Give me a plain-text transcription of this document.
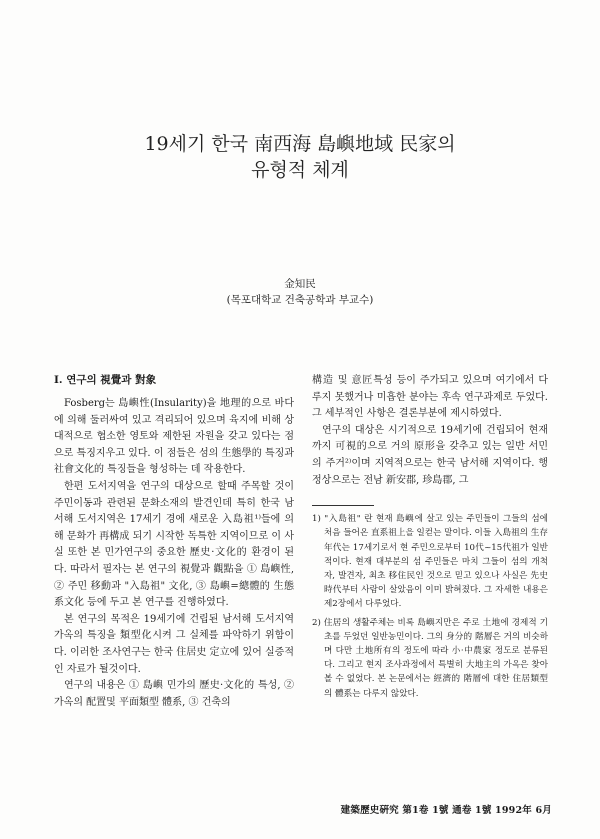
19세기 한국 南西海 島嶼地域 民家의
유형적 체계
金知民
(목포대학교 건축공학과 부교수)

Ⅰ. 연구의 視覺과 對象

Fosberg는 島嶼性(Insularity)을 地理的으로 바다에 의해 둘러싸여 있고 격리되어 있으며 육지에 비해 상대적으로 협소한 영토와 제한된 자원을 갖고 있다는 점으로 특징지우고 있다. 이 점들은 섬의 生態學的 특징과 社會文化的 특징들을 형성하는 데 작용한다.

한편 도서지역을 연구의 대상으로 할때 주목할 것이 주민이동과 관련된 문화소재의 발견인데 특히 한국 남서해 도서지역은 17세기 경에 새로운 入島祖¹⁾들에 의해 문화가 再構成 되기 시작한 독특한 지역이므로 이 사실 또한 본 민가연구의 중요한 歷史·文化的 환경이 된다. 따라서 필자는 본 연구의 視覺과 觀點을 ① 島嶼性, ② 주민 移動과 "入島祖" 文化, ③ 島嶼=總體的 生態系文化 등에 두고 본 연구를 진행하였다.

본 연구의 목적은 19세기에 건립된 남서해 도서지역 가옥의 특징을 類型化시켜 그 실체를 파악하기 위함이다. 이러한 조사연구는 한국 住居史 定立에 있어 실증적인 자료가 될것이다.

연구의 내용은 ① 島嶼 민가의 歷史·文化的 특성, ② 가옥의 配置및 平面類型 體系, ③ 건축의

構造 및 意匠특성 등이 주가되고 있으며 여기에서 다루지 못했거나 미흡한 분야는 후속 연구과제로 두었다. 그 세부적인 사항은 결론부분에 제시하였다.

연구의 대상은 시기적으로 19세기에 건립되어 현재까지 可視的으로 거의 原形을 갖추고 있는 일반 서민의 주거²⁾이며 지역적으로는 한국 남서해 지역이다. 행정상으로는 전남 新安郡, 珍島郡, 그

1) "入島祖" 란 현재 島嶼에 살고 있는 주민들이 그들의 섬에 처음 들어온 直系祖上을 일컫는 말이다. 이들 入島祖의 生存年代는 17세기로서 현 주민으로부터 10代~15代祖가 일반적이다. 현재 대부분의 섬 주민들은 마치 그들이 섬의 개척자, 발견자, 최초 移住民인 것으로 믿고 있으나 사실은 先史時代부터 사람이 살았음이 이미 밝혀졌다. 그 자세한 내용은 제2장에서 다루었다.

2) 住居의 생활주체는 비록 島嶼지만은 주로 土地에 경제적 기초를 두었던 일반농민이다. 그의 身分的 階層은 거의 비슷하며 다만 土地所有의 정도에 따라 小·中農家 정도로 분류된다. 그리고 현지 조사과정에서 특별히 大地主의 가옥은 찾아볼 수 없었다. 본 논문에서는 經濟的 階層에 대한 住居類型의 體系는 다루지 않았다.

建築歷史硏究 第1卷 1號 通卷 1號 1992年 6月
